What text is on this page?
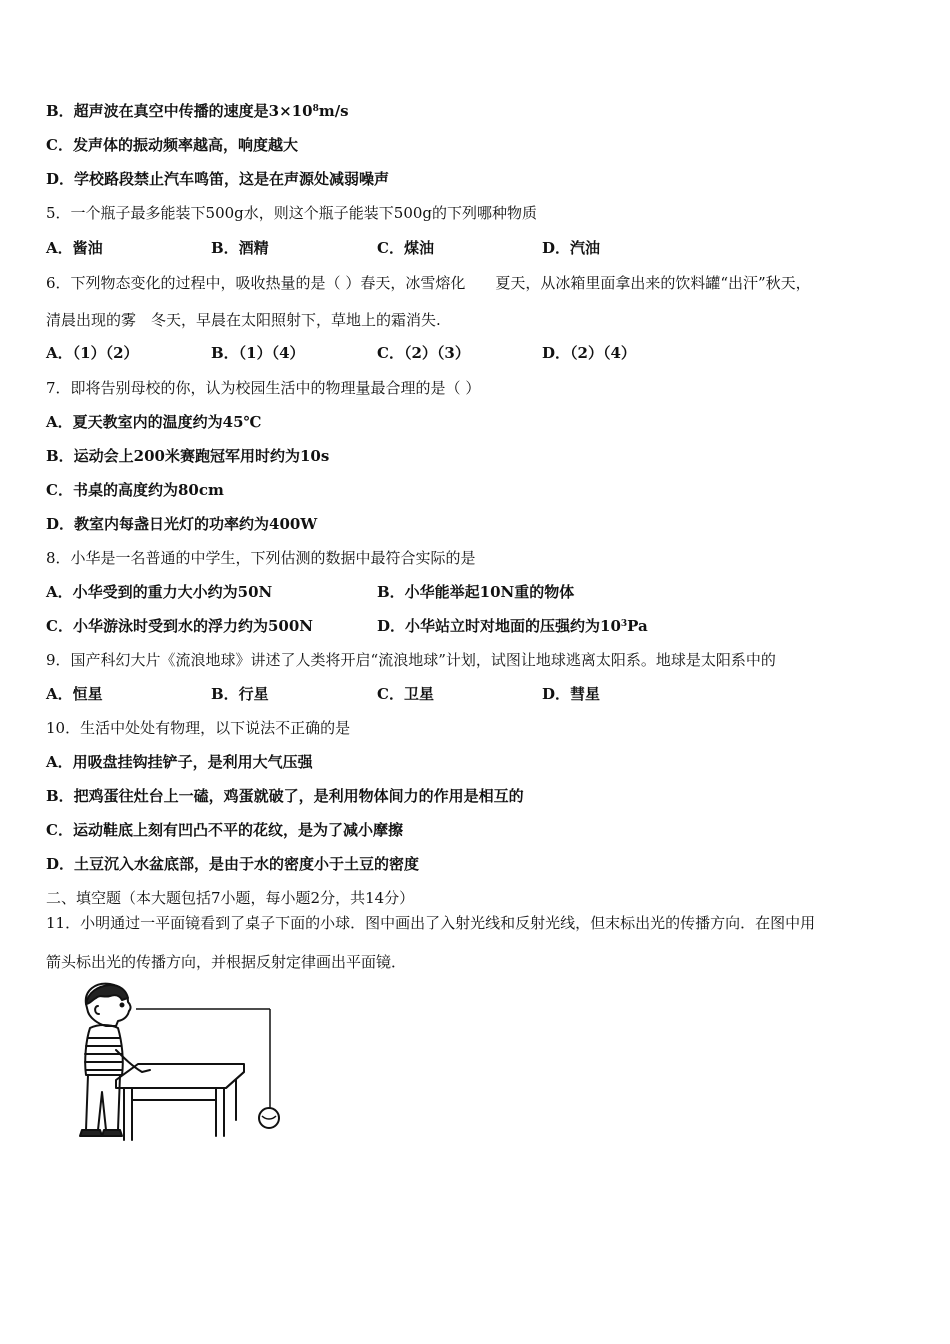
B．超声波在真空中传播的速度是$3\times 10^8m/s$
C．发声体的振动频率越高，响度越大
D．学校路段禁止汽车鸣笛，这是在声源处减弱噪声
5．一个瓶子最多能装下500g水，则这个瓶子能装下500g的下列哪种物质
A．酱油	B．酒精	C．煤油	D．汽油
6．下列物态变化的过程中，吸收热量的是（ ）春天，冰雪熔化　　夏天，从冰箱里面拿出来的饮料罐“出汗”秋天，
清晨出现的雾　冬天，早晨在太阳照射下，草地上的霜消失.
A．（1）（2）	B．（1）（4）	C．（2）（3）	D．（2）（4）
7．即将告别母校的你，认为校园生活中的物理量最合理的是（ ）
A．夏天教室内的温度约为45℃
B．运动会上200米赛跑冠军用时约为10s
C．书桌的高度约为80cm
D．教室内每盏日光灯的功率约为400W
8．小华是一名普通的中学生，下列估测的数据中最符合实际的是
A．小华受到的重力大小约为50N	B．小华能举起10N重的物体
C．小华游泳时受到水的浮力约为500N	D．小华站立时对地面的压强约为$10^3Pa$
9．国产科幻大片《流浪地球》讲述了人类将开启“流浪地球”计划，试图让地球逃离太阳系。地球是太阳系中的
A．恒星	B．行星	C．卫星	D．彗星
10．生活中处处有物理，以下说法不正确的是
A．用吸盘挂钩挂铲子，是利用大气压强
B．把鸡蛋往灶台上一磕，鸡蛋就破了，是利用物体间力的作用是相互的
C．运动鞋底上刻有凹凸不平的花纹，是为了减小摩擦
D．土豆沉入水盆底部，是由于水的密度小于土豆的密度
二、填空题（本大题包括7小题，每小题2分，共14分）
11．小明通过一平面镜看到了桌子下面的小球．图中画出了入射光线和反射光线，但末标出光的传播方向．在图中用
箭头标出光的传播方向，并根据反射定律画出平面镜．
